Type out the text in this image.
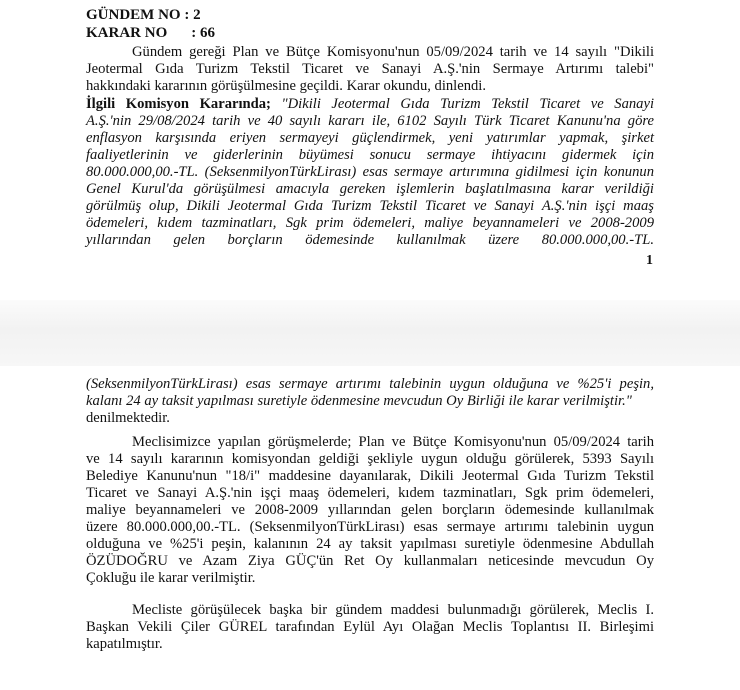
GÜNDEM NO : 2
KARAR NO : 66
Gündem gereği Plan ve Bütçe Komisyonu'nun 05/09/2024 tarih ve 14 sayılı "Dikili
Jeotermal Gıda Turizm Tekstil Ticaret ve Sanayi A.Ş.'nin Sermaye Artırımı talebi"
hakkındaki kararının görüşülmesine geçildi. Karar okundu, dinlendi.
İlgili Komisyon Kararında; "Dikili Jeotermal Gıda Turizm Tekstil Ticaret ve Sanayi
A.Ş.'nin 29/08/2024 tarih ve 40 sayılı kararı ile, 6102 Sayılı Türk Ticaret Kanunu'na göre
enflasyon karşısında eriyen sermayeyi güçlendirmek, yeni yatırımlar yapmak, şirket
faaliyetlerinin ve giderlerinin büyümesi sonucu sermaye ihtiyacını gidermek için
80.000.000,00.-TL. (SeksenmilyonTürkLirası) esas sermaye artırımına gidilmesi için konunun
Genel Kurul'da görüşülmesi amacıyla gereken işlemlerin başlatılmasına karar verildiği
görülmüş olup, Dikili Jeotermal Gıda Turizm Tekstil Ticaret ve Sanayi A.Ş.'nin işçi maaş
ödemeleri, kıdem tazminatları, Sgk prim ödemeleri, maliye beyannameleri ve 2008-2009
yıllarından gelen borçların ödemesinde kullanılmak üzere 80.000.000,00.-TL.
1
(SeksenmilyonTürkLirası) esas sermaye artırımı talebinin uygun olduğuna ve %25'i peşin,
kalanı 24 ay taksit yapılması suretiyle ödenmesine mevcudun Oy Birliği ile karar verilmiştir."
denilmektedir.
Meclisimizce yapılan görüşmelerde; Plan ve Bütçe Komisyonu'nun 05/09/2024 tarih
ve 14 sayılı kararının komisyondan geldiği şekliyle uygun olduğu görülerek, 5393 Sayılı
Belediye Kanunu'nun "18/i" maddesine dayanılarak, Dikili Jeotermal Gıda Turizm Tekstil
Ticaret ve Sanayi A.Ş.'nin işçi maaş ödemeleri, kıdem tazminatları, Sgk prim ödemeleri,
maliye beyannameleri ve 2008-2009 yıllarından gelen borçların ödemesinde kullanılmak
üzere 80.000.000,00.-TL. (SeksenmilyonTürkLirası) esas sermaye artırımı talebinin uygun
olduğuna ve %25'i peşin, kalanının 24 ay taksit yapılması suretiyle ödenmesine Abdullah
ÖZÜDOĞRU ve Azam Ziya GÜÇ'ün Ret Oy kullanmaları neticesinde mevcudun Oy
Çokluğu ile karar verilmiştir.
Mecliste görüşülecek başka bir gündem maddesi bulunmadığı görülerek, Meclis I.
Başkan Vekili Çiler GÜREL tarafından Eylül Ayı Olağan Meclis Toplantısı II. Birleşimi
kapatılmıştır.
